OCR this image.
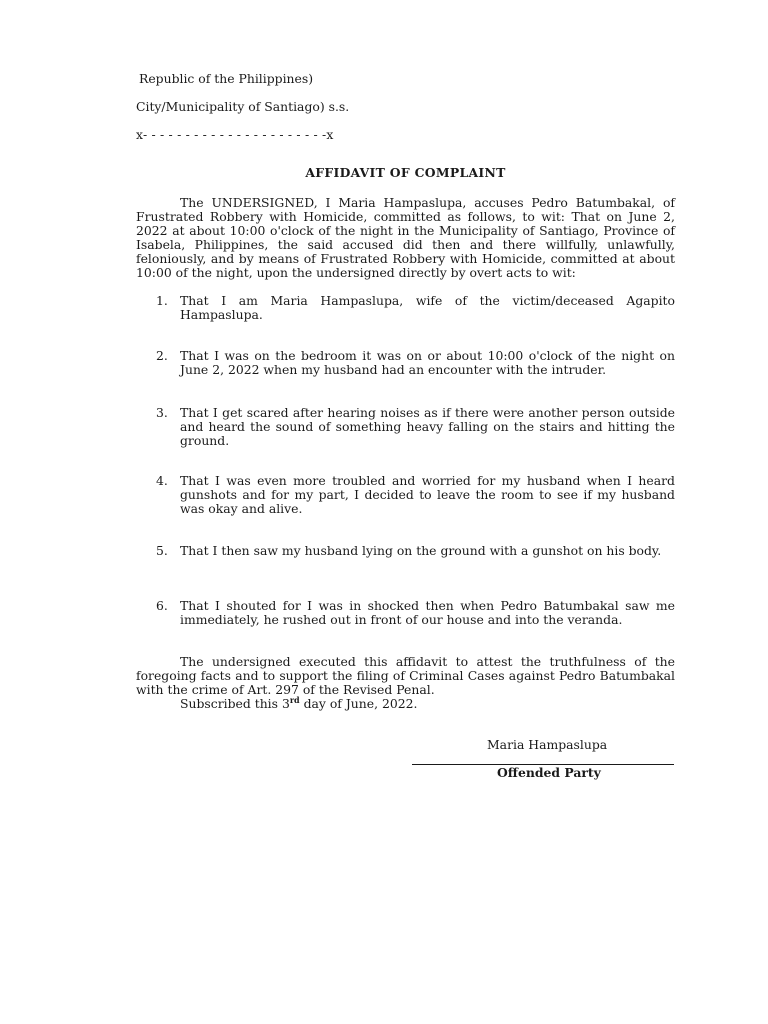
Republic of the Philippines)
City/Municipality of Santiago) s.s.
x- - - - - - - - - - - - - - - - - - - - - -x
AFFIDAVIT OF COMPLAINT

The UNDERSIGNED, I Maria Hampaslupa, accuses Pedro Batumbakal, of Frustrated Robbery with Homicide, committed as follows, to wit: That on June 2, 2022 at about 10:00 o'clock of the night in the Municipality of Santiago, Province of Isabela, Philippines, the said accused did then and there willfully, unlawfully, feloniously, and by means of Frustrated Robbery with Homicide, committed at about 10:00 of the night, upon the undersigned directly by overt acts to wit:

1. That I am Maria Hampaslupa, wife of the victim/deceased Agapito Hampaslupa.

2. That I was on the bedroom it was on or about 10:00 o'clock of the night on June 2, 2022 when my husband had an encounter with the intruder.

3. That I get scared after hearing noises as if there were another person outside and heard the sound of something heavy falling on the stairs and hitting the ground.

4. That I was even more troubled and worried for my husband when I heard gunshots and for my part, I decided to leave the room to see if my husband was okay and alive.

5. That I then saw my husband lying on the ground with a gunshot on his body.

6. That I shouted for I was in shocked then when Pedro Batumbakal saw me immediately, he rushed out in front of our house and into the veranda.

The undersigned executed this affidavit to attest the truthfulness of the foregoing facts and to support the filing of Criminal Cases against Pedro Batumbakal with the crime of Art. 297 of the Revised Penal.

Subscribed this 3rd day of June, 2022.
Maria Hampaslupa
Offended Party
